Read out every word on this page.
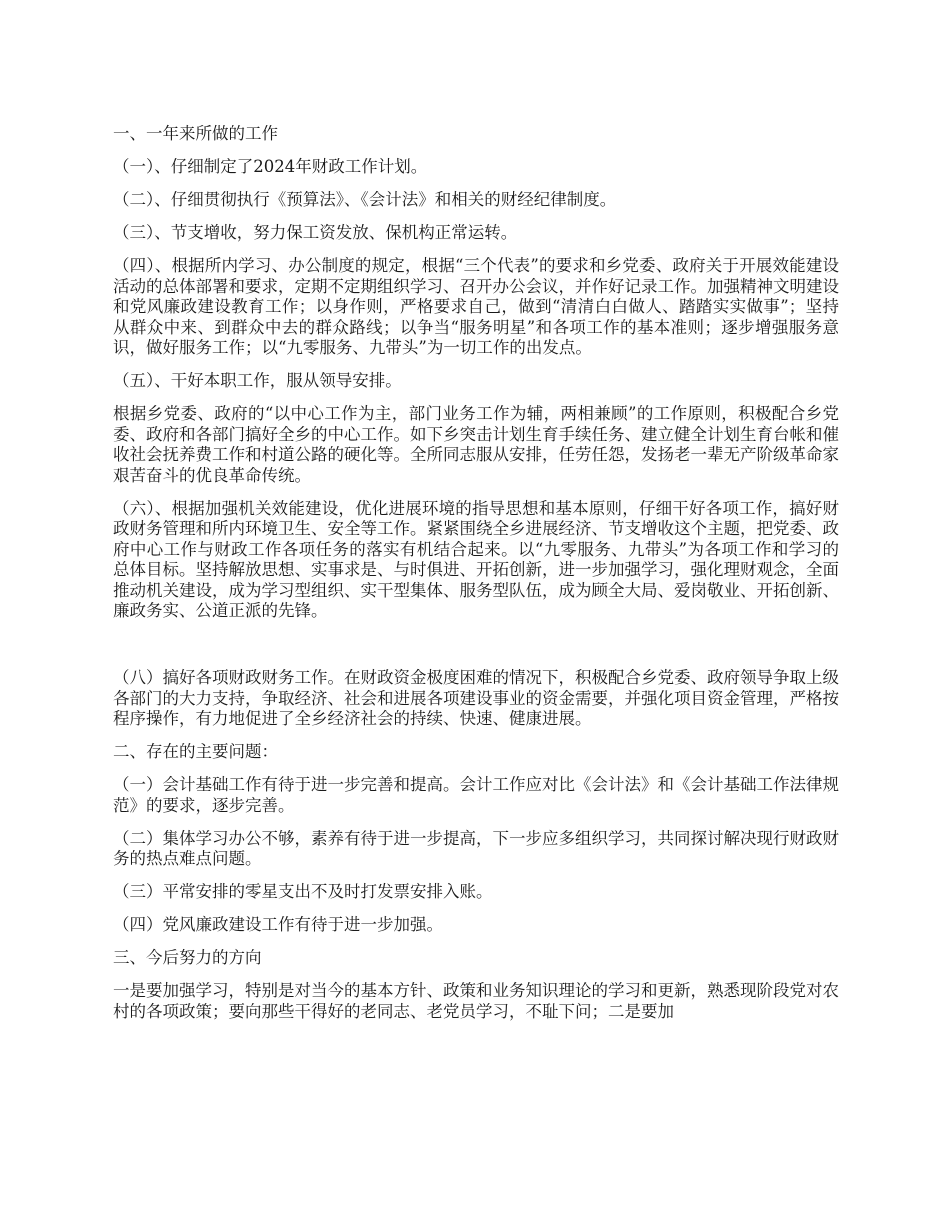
一、一年来所做的工作

（一）、仔细制定了2024年财政工作计划。

（二）、仔细贯彻执行《预算法》、《会计法》和相关的财经纪律制度。

（三）、节支增收，努力保工资发放、保机构正常运转。

（四）、根据所内学习、办公制度的规定，根据“三个代表”的要求和乡党委、政府关于开展效能建设活动的总体部署和要求，定期不定期组织学习、召开办公会议，并作好记录工作。加强精神文明建设和党风廉政建设教育工作；以身作则，严格要求自己，做到“清清白白做人、踏踏实实做事”；坚持从群众中来、到群众中去的群众路线；以争当“服务明星”和各项工作的基本准则；逐步增强服务意识，做好服务工作；以“九零服务、九带头”为一切工作的出发点。

（五）、干好本职工作，服从领导安排。

根据乡党委、政府的“以中心工作为主，部门业务工作为辅，两相兼顾”的工作原则，积极配合乡党委、政府和各部门搞好全乡的中心工作。如下乡突击计划生育手续任务、建立健全计划生育台帐和催收社会抚养费工作和村道公路的硬化等。全所同志服从安排，任劳任怨，发扬老一辈无产阶级革命家艰苦奋斗的优良革命传统。

（六）、根据加强机关效能建设，优化进展环境的指导思想和基本原则，仔细干好各项工作，搞好财政财务管理和所内环境卫生、安全等工作。紧紧围绕全乡进展经济、节支增收这个主题，把党委、政府中心工作与财政工作各项任务的落实有机结合起来。以“九零服务、九带头”为各项工作和学习的总体目标。坚持解放思想、实事求是、与时俱进、开拓创新，进一步加强学习，强化理财观念，全面推动机关建设，成为学习型组织、实干型集体、服务型队伍，成为顾全大局、爱岗敬业、开拓创新、廉政务实、公道正派的先锋。

（八）搞好各项财政财务工作。在财政资金极度困难的情况下，积极配合乡党委、政府领导争取上级各部门的大力支持，争取经济、社会和进展各项建设事业的资金需要，并强化项目资金管理，严格按程序操作，有力地促进了全乡经济社会的持续、快速、健康进展。

二、存在的主要问题：

（一）会计基础工作有待于进一步完善和提高。会计工作应对比《会计法》和《会计基础工作法律规范》的要求，逐步完善。

（二）集体学习办公不够，素养有待于进一步提高，下一步应多组织学习，共同探讨解决现行财政财务的热点难点问题。

（三）平常安排的零星支出不及时打发票安排入账。

（四）党风廉政建设工作有待于进一步加强。

三、今后努力的方向

一是要加强学习，特别是对当今的基本方针、政策和业务知识理论的学习和更新，熟悉现阶段党对农村的各项政策；要向那些干得好的老同志、老党员学习，不耻下问；二是要加
